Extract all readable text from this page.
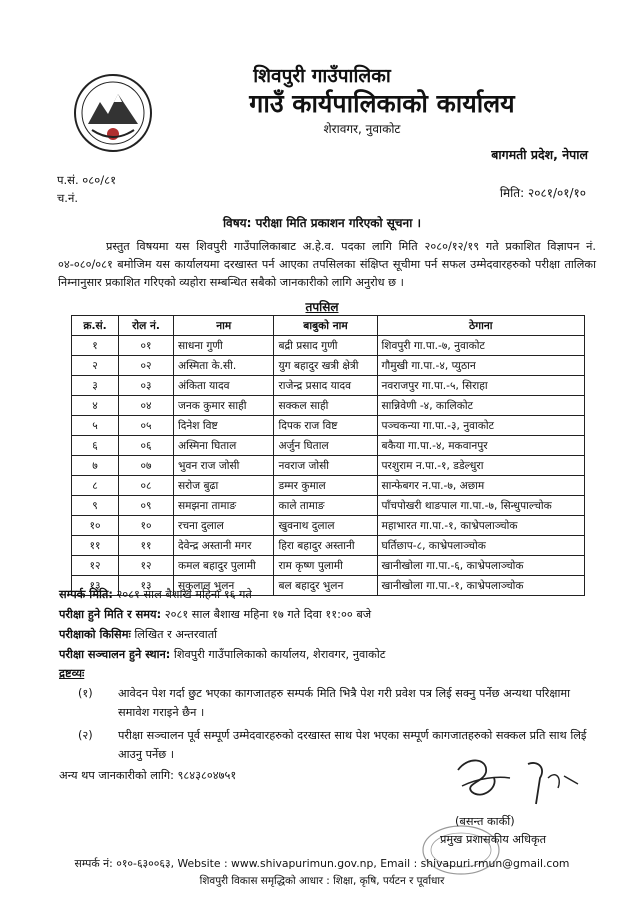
शिवपुरी गाउँपालिका
गाउँ कार्यपालिकाको कार्यालय
शेरावगर, नुवाकोट
बागमती प्रदेश, नेपाल
प.सं. ०८०/८१
च.नं.	मिति: २०८१/०१/१०
विषय: परीक्षा मिति प्रकाशन गरिएको सूचना ।
प्रस्तुत विषयमा यस शिवपुरी गाउँपालिकाबाट अ.हे.व. पदका लागि मिति २०८०/१२/१९ गते प्रकाशित विज्ञापन नं. ०४-०८०/०८१ बमोजिम यस कार्यालयमा दरखास्त पर्न आएका तपसिलका संक्षिप्त सूचीमा पर्न सफल उम्मेदवारहरुको परीक्षा तालिका निम्नानुसार प्रकाशित गरिएको व्यहोरा सम्बन्धित सबैको जानकारीको लागि अनुरोध छ ।
तपसिल
क्र.सं.	रोल नं.	नाम	बाबुको नाम	ठेगाना
१	०१	साधना गुणी	बद्री प्रसाद गुणी	शिवपुरी गा.पा.-७, नुवाकोट
२	०२	अस्मिता के.सी.	युग बहादुर खत्री क्षेत्री	गौमुखी गा.पा.-४, प्युठान
३	०३	अंकिता यादव	राजेन्द्र प्रसाद यादव	नवराजपुर गा.पा.-५, सिराहा
४	०४	जनक कुमार साही	सक्कल साही	सान्निवेणी -४, कालिकोट
५	०५	दिनेश विष्ट	दिपक राज विष्ट	पञ्चकन्या गा.पा.-३, नुवाकोट
६	०६	अस्मिना घिताल	अर्जुन घिताल	बकैया गा.पा.-४, मकवानपुर
७	०७	भुवन राज जोसी	नवराज जोसी	परशुराम न.पा.-१, डडेल्धुरा
८	०८	सरोज बुढा	डम्मर कुमाल	सान्फेबगर न.पा.-७, अछाम
९	०९	समझना तामाङ	काले तामाङ	पाँचपोखरी थाङपाल गा.पा.-७, सिन्धुपाल्चोक
१०	१०	रचना दुलाल	खुवनाथ दुलाल	महाभारत गा.पा.-१, काभ्रेपलाञ्चोक
११	११	देवेन्द्र अस्तानी मगर	हिरा बहादुर अस्तानी	घर्तिछाप-८, काभ्रेपलाञ्चोक
१२	१२	कमल बहादुर पुलामी	राम कृष्ण पुलामी	खानीखोला गा.पा.-६, काभ्रेपलाञ्चोक
१३	१३	सुकुलाल भुलन	बल बहादुर भुलन	खानीखोला गा.पा.-१, काभ्रेपलाञ्चोक
सम्पर्क मिति: २०८१ साल बैशाख महिना १६ गते
परीक्षा हुने मिति र समय: २०८१ साल बैशाख महिना १७ गते दिवा ११:०० बजे
परीक्षाको किसिमः लिखित र अन्तरवार्ता
परीक्षा सञ्चालन हुने स्थान: शिवपुरी गाउँपालिकाको कार्यालय, शेरावगर, नुवाकोट
द्रष्टव्यः
(१) आवेदन पेश गर्दा छुट भएका कागजातहरु सम्पर्क मिति भित्रै पेश गरी प्रवेश पत्र लिई सक्नु पर्नेछ अन्यथा परिक्षामा समावेश गराइने छैन ।
(२) परीक्षा सञ्चालन पूर्व सम्पूर्ण उम्मेदवारहरुको दरखास्त साथ पेश भएका सम्पूर्ण कागजातहरुको सक्कल प्रति साथ लिई आउनु पर्नेछ ।
अन्य थप जानकारीको लागि: ९८४३८०४७५१
(बसन्त कार्की)
प्रमुख प्रशासकीय अधिकृत
सम्पर्क नं: ०१०-६३००६३, Website : www.shivapurimun.gov.np, Email : shivapuri.rmun@gmail.com
शिवपुरी विकास समृद्धिको आधार : शिक्षा, कृषि, पर्यटन र पूर्वाधार
